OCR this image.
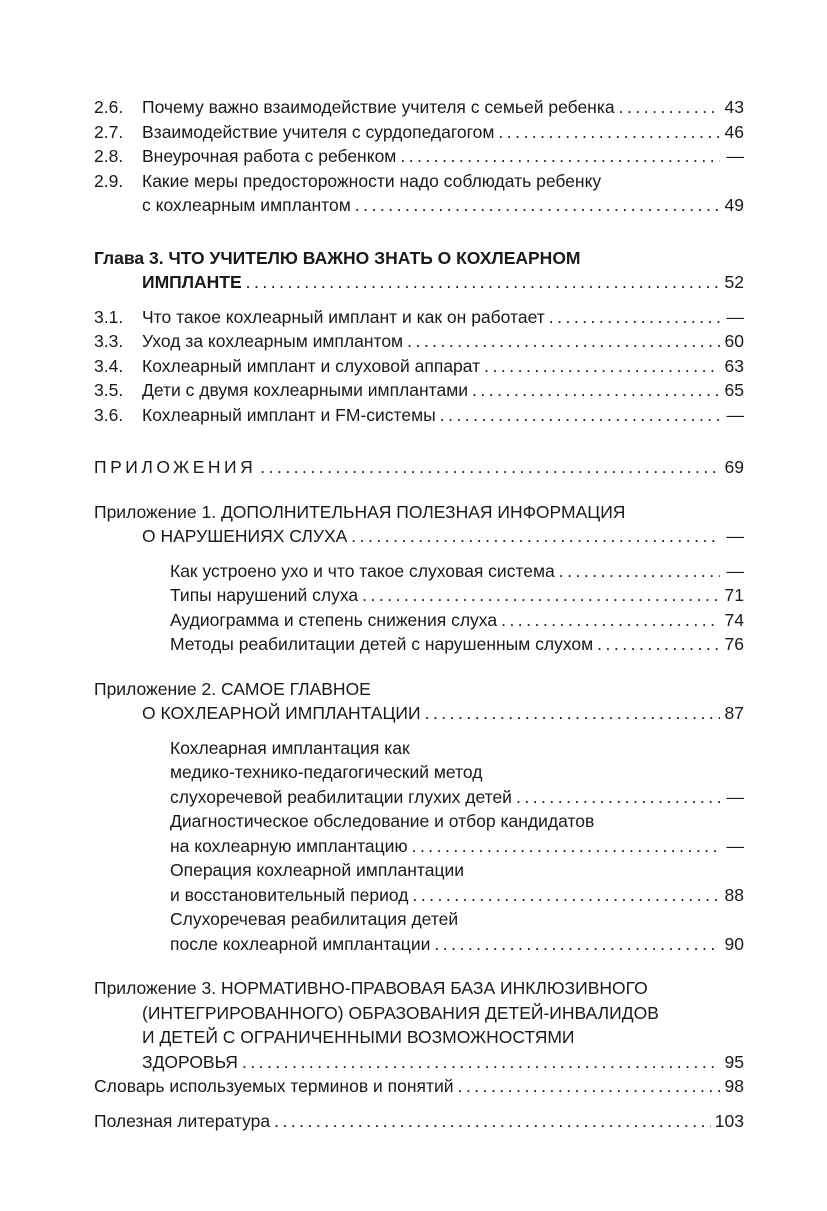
2.6.	Почему важно взаимодействие учителя с семьей ребенка .....	43
2.7.	Взаимодействие учителя с сурдопедагогом .....	46
2.8.	Внеурочная работа с ребенком .....	—
2.9.	Какие меры предосторожности надо соблюдать ребенку
с кохлеарным имплантом .....	49
Глава 3. ЧТО УЧИТЕЛЮ ВАЖНО ЗНАТЬ О КОХЛЕАРНОМ
ИМПЛАНТЕ .....	52
3.1.	Что такое кохлеарный имплант и как он работает .....	—
3.3.	Уход за кохлеарным имплантом .....	60
3.4.	Кохлеарный имплант и слуховой аппарат .....	63
3.5.	Дети с двумя кохлеарными имплантами .....	65
3.6.	Кохлеарный имплант и FM-системы .....	—
ПРИЛОЖЕНИЯ .....	69
Приложение 1. ДОПОЛНИТЕЛЬНАЯ ПОЛЕЗНАЯ ИНФОРМАЦИЯ
О НАРУШЕНИЯХ СЛУХА .....	—
Как устроено ухо и что такое слуховая система .....	—
Типы нарушений слуха .....	71
Аудиограмма и степень снижения слуха .....	74
Методы реабилитации детей с нарушенным слухом .....	76
Приложение 2. САМОЕ ГЛАВНОЕ
О КОХЛЕАРНОЙ ИМПЛАНТАЦИИ .....	87
Кохлеарная имплантация как
медико-технико-педагогический метод
слухоречевой реабилитации глухих детей .....	—
Диагностическое обследование и отбор кандидатов
на кохлеарную имплантацию .....	—
Операция кохлеарной имплантации
и восстановительный период .....	88
Слухоречевая реабилитация детей
после кохлеарной имплантации .....	90
Приложение 3. НОРМАТИВНО-ПРАВОВАЯ БАЗА ИНКЛЮЗИВНОГО
(ИНТЕГРИРОВАННОГО) ОБРАЗОВАНИЯ ДЕТЕЙ-ИНВАЛИДОВ
И ДЕТЕЙ С ОГРАНИЧЕННЫМИ ВОЗМОЖНОСТЯМИ
ЗДОРОВЬЯ .....	95
Словарь используемых терминов и понятий .....	98
Полезная литература .....	103
